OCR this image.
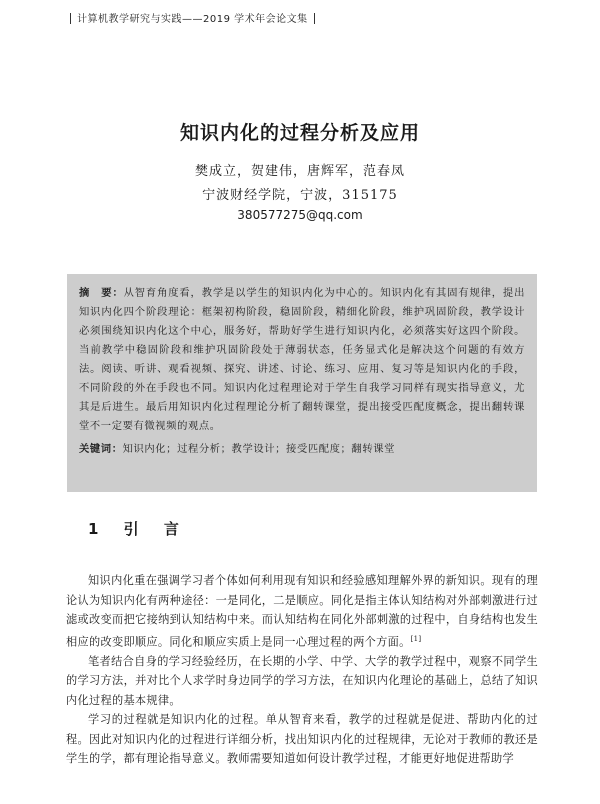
计算机教学研究与实践——2019 学术年会论文集
知识内化的过程分析及应用
樊成立，贺建伟，唐辉军，范春凤
宁波财经学院，宁波，315175
380577275@qq.com

摘　要：从智育角度看，教学是以学生的知识内化为中心的。知识内化有其固有规律，提出知识内化四个阶段理论：框架初构阶段，稳固阶段，精细化阶段，维护巩固阶段，教学设计必须围绕知识内化这个中心，服务好，帮助好学生进行知识内化，必须落实好这四个阶段。当前教学中稳固阶段和维护巩固阶段处于薄弱状态，任务显式化是解决这个问题的有效方法。阅读、听讲、观看视频、探究、讲述、讨论、练习、应用、复习等是知识内化的手段，不同阶段的外在手段也不同。知识内化过程理论对于学生自我学习同样有现实指导意义，尤其是后进生。最后用知识内化过程理论分析了翻转课堂，提出接受匹配度概念，提出翻转课堂不一定要有微视频的观点。

关键词：知识内化；过程分析；教学设计；接受匹配度；翻转课堂

1 引 言

知识内化重在强调学习者个体如何利用现有知识和经验感知理解外界的新知识。现有的理论认为知识内化有两种途径：一是同化，二是顺应。同化是指主体认知结构对外部刺激进行过滤或改变而把它接纳到认知结构中来。而认知结构在同化外部刺激的过程中，自身结构也发生相应的改变即顺应。同化和顺应实质上是同一心理过程的两个方面。[1]

笔者结合自身的学习经验经历，在长期的小学、中学、大学的教学过程中，观察不同学生的学习方法，并对比个人求学时身边同学的学习方法，在知识内化理论的基础上，总结了知识内化过程的基本规律。

学习的过程就是知识内化的过程。单从智育来看，教学的过程就是促进、帮助内化的过程。因此对知识内化的过程进行详细分析，找出知识内化的过程规律，无论对于教师的教还是学生的学，都有理论指导意义。教师需要知道如何设计教学过程，才能更好地促进帮助学
